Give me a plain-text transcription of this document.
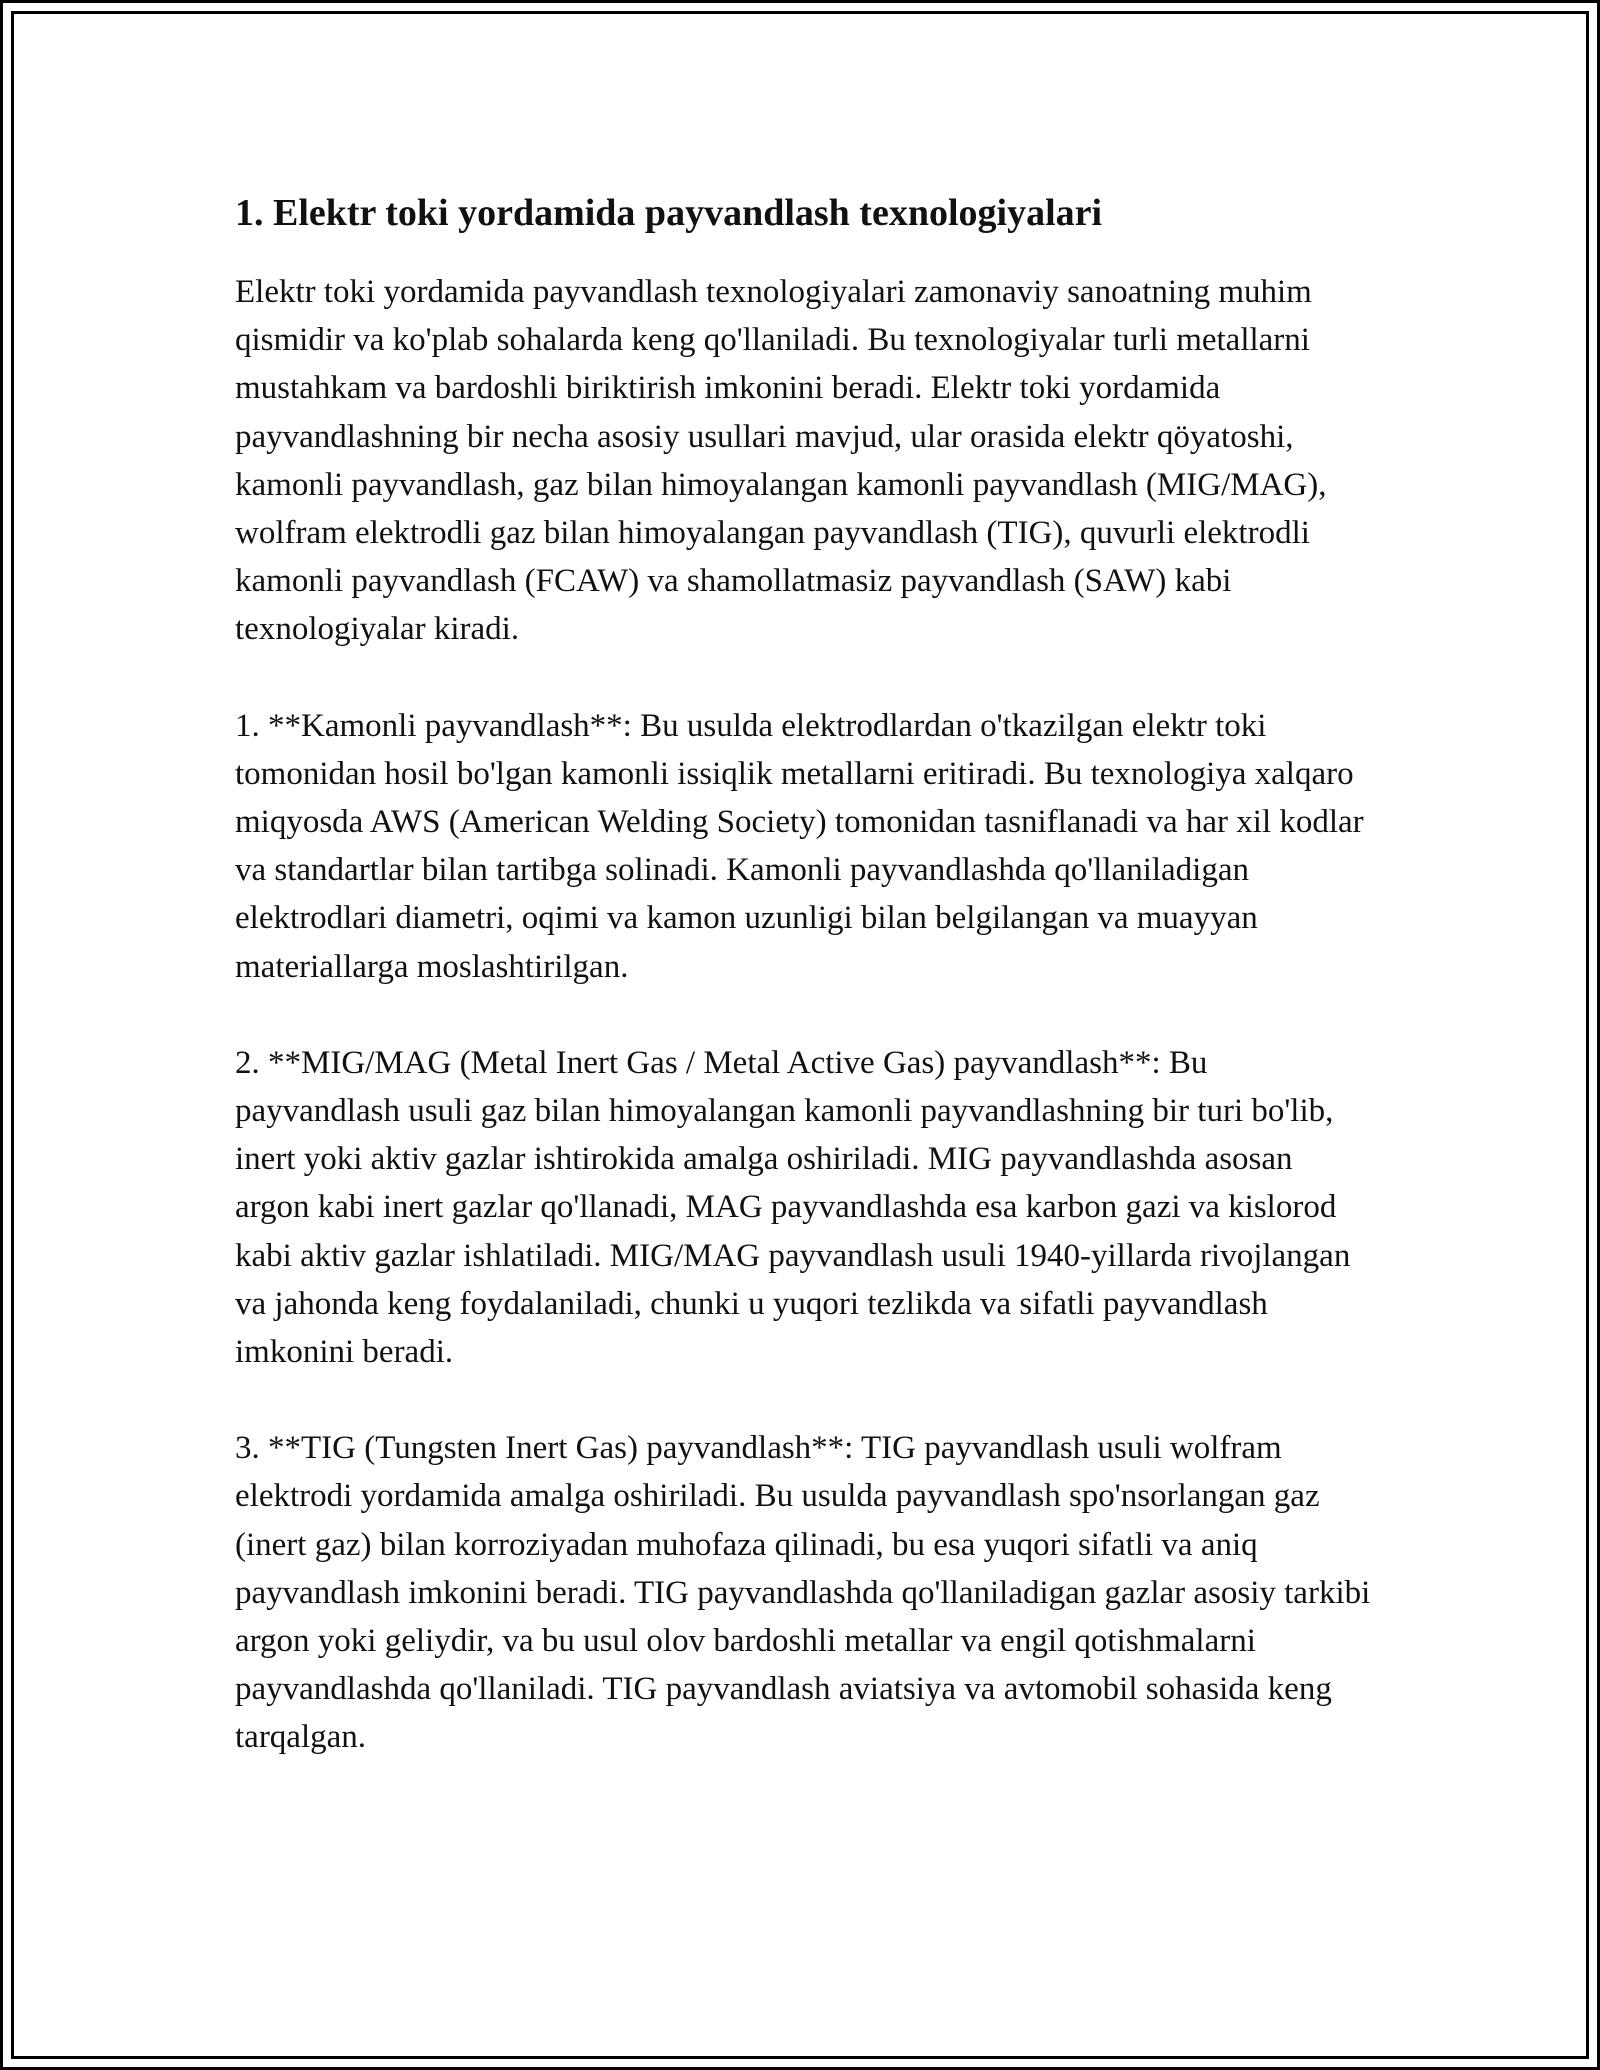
1. Elektr toki yordamida payvandlash texnologiyalari

Elektr toki yordamida payvandlash texnologiyalari zamonaviy sanoatning muhim qismidir va ko'plab sohalarda keng qo'llaniladi. Bu texnologiyalar turli metallarni mustahkam va bardoshli biriktirish imkonini beradi. Elektr toki yordamida payvandlashning bir necha asosiy usullari mavjud, ular orasida elektr qöyatoshi, kamonli payvandlash, gaz bilan himoyalangan kamonli payvandlash (MIG/MAG), wolfram elektrodli gaz bilan himoyalangan payvandlash (TIG), quvurli elektrodli kamonli payvandlash (FCAW) va shamollatmasiz payvandlash (SAW) kabi texnologiyalar kiradi.

1. **Kamonli payvandlash**: Bu usulda elektrodlardan o'tkazilgan elektr toki tomonidan hosil bo'lgan kamonli issiqlik metallarni eritiradi. Bu texnologiya xalqaro miqyosda AWS (American Welding Society) tomonidan tasniflanadi va har xil kodlar va standartlar bilan tartibga solinadi. Kamonli payvandlashda qo'llaniladigan elektrodlari diametri, oqimi va kamon uzunligi bilan belgilangan va muayyan materiallarga moslashtirilgan.

2. **MIG/MAG (Metal Inert Gas / Metal Active Gas) payvandlash**: Bu payvandlash usuli gaz bilan himoyalangan kamonli payvandlashning bir turi bo'lib, inert yoki aktiv gazlar ishtirokida amalga oshiriladi. MIG payvandlashda asosan argon kabi inert gazlar qo'llanadi, MAG payvandlashda esa karbon gazi va kislorod kabi aktiv gazlar ishlatiladi. MIG/MAG payvandlash usuli 1940-yillarda rivojlangan va jahonda keng foydalaniladi, chunki u yuqori tezlikda va sifatli payvandlash imkonini beradi.

3. **TIG (Tungsten Inert Gas) payvandlash**: TIG payvandlash usuli wolfram elektrodi yordamida amalga oshiriladi. Bu usulda payvandlash spo'nsorlangan gaz (inert gaz) bilan korroziyadan muhofaza qilinadi, bu esa yuqori sifatli va aniq payvandlash imkonini beradi. TIG payvandlashda qo'llaniladigan gazlar asosiy tarkibi argon yoki geliydir, va bu usul olov bardoshli metallar va engil qotishmalarni payvandlashda qo'llaniladi. TIG payvandlash aviatsiya va avtomobil sohasida keng tarqalgan.
